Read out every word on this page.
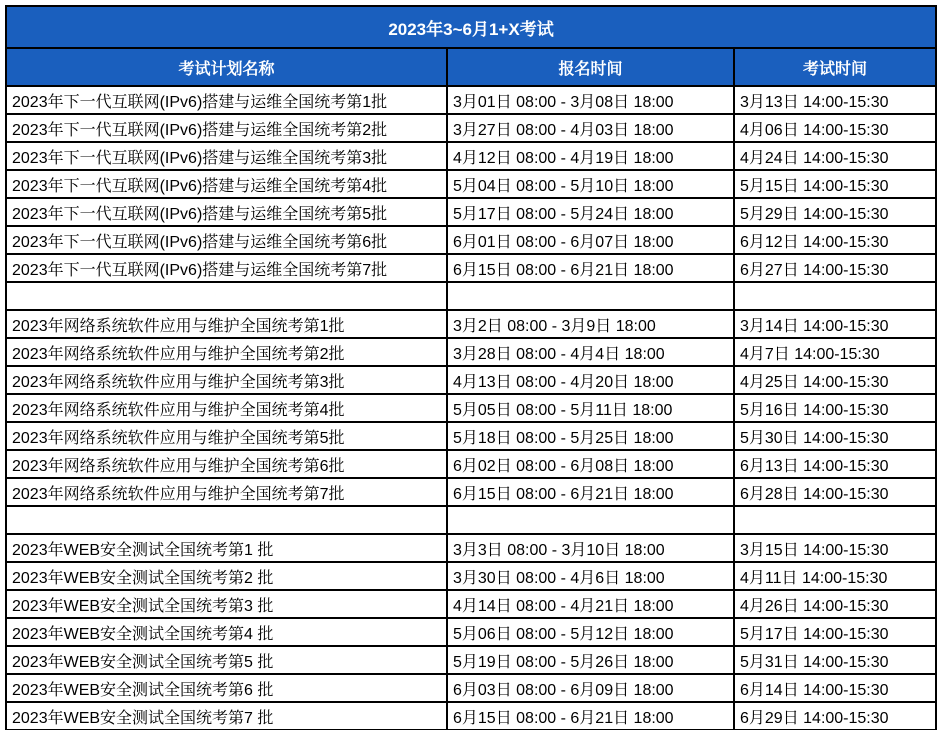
2023年3~6月1+X考试		
考试计划名称	报名时间	考试时间
2023年下一代互联网(IPv6)搭建与运维全国统考第1批	3月01日 08:00 - 3月08日 18:00	3月13日 14:00-15:30
2023年下一代互联网(IPv6)搭建与运维全国统考第2批	3月27日 08:00 - 4月03日 18:00	4月06日 14:00-15:30
2023年下一代互联网(IPv6)搭建与运维全国统考第3批	4月12日 08:00 - 4月19日 18:00	4月24日 14:00-15:30
2023年下一代互联网(IPv6)搭建与运维全国统考第4批	5月04日 08:00 - 5月10日 18:00	5月15日 14:00-15:30
2023年下一代互联网(IPv6)搭建与运维全国统考第5批	5月17日 08:00 - 5月24日 18:00	5月29日 14:00-15:30
2023年下一代互联网(IPv6)搭建与运维全国统考第6批	6月01日 08:00 - 6月07日 18:00	6月12日 14:00-15:30
2023年下一代互联网(IPv6)搭建与运维全国统考第7批	6月15日 08:00 - 6月21日 18:00	6月27日 14:00-15:30

2023年网络系统软件应用与维护全国统考第1批	3月2日 08:00 - 3月9日 18:00	3月14日 14:00-15:30
2023年网络系统软件应用与维护全国统考第2批	3月28日 08:00 - 4月4日 18:00	4月7日 14:00-15:30
2023年网络系统软件应用与维护全国统考第3批	4月13日 08:00 - 4月20日 18:00	4月25日 14:00-15:30
2023年网络系统软件应用与维护全国统考第4批	5月05日 08:00 - 5月11日 18:00	5月16日 14:00-15:30
2023年网络系统软件应用与维护全国统考第5批	5月18日 08:00 - 5月25日 18:00	5月30日 14:00-15:30
2023年网络系统软件应用与维护全国统考第6批	6月02日 08:00 - 6月08日 18:00	6月13日 14:00-15:30
2023年网络系统软件应用与维护全国统考第7批	6月15日 08:00 - 6月21日 18:00	6月28日 14:00-15:30

2023年WEB安全测试全国统考第1 批	3月3日 08:00 - 3月10日 18:00	3月15日 14:00-15:30
2023年WEB安全测试全国统考第2 批	3月30日 08:00 - 4月6日 18:00	4月11日 14:00-15:30
2023年WEB安全测试全国统考第3 批	4月14日 08:00 - 4月21日 18:00	4月26日 14:00-15:30
2023年WEB安全测试全国统考第4 批	5月06日 08:00 - 5月12日 18:00	5月17日 14:00-15:30
2023年WEB安全测试全国统考第5 批	5月19日 08:00 - 5月26日 18:00	5月31日 14:00-15:30
2023年WEB安全测试全国统考第6 批	6月03日 08:00 - 6月09日 18:00	6月14日 14:00-15:30
2023年WEB安全测试全国统考第7 批	6月15日 08:00 - 6月21日 18:00	6月29日 14:00-15:30
